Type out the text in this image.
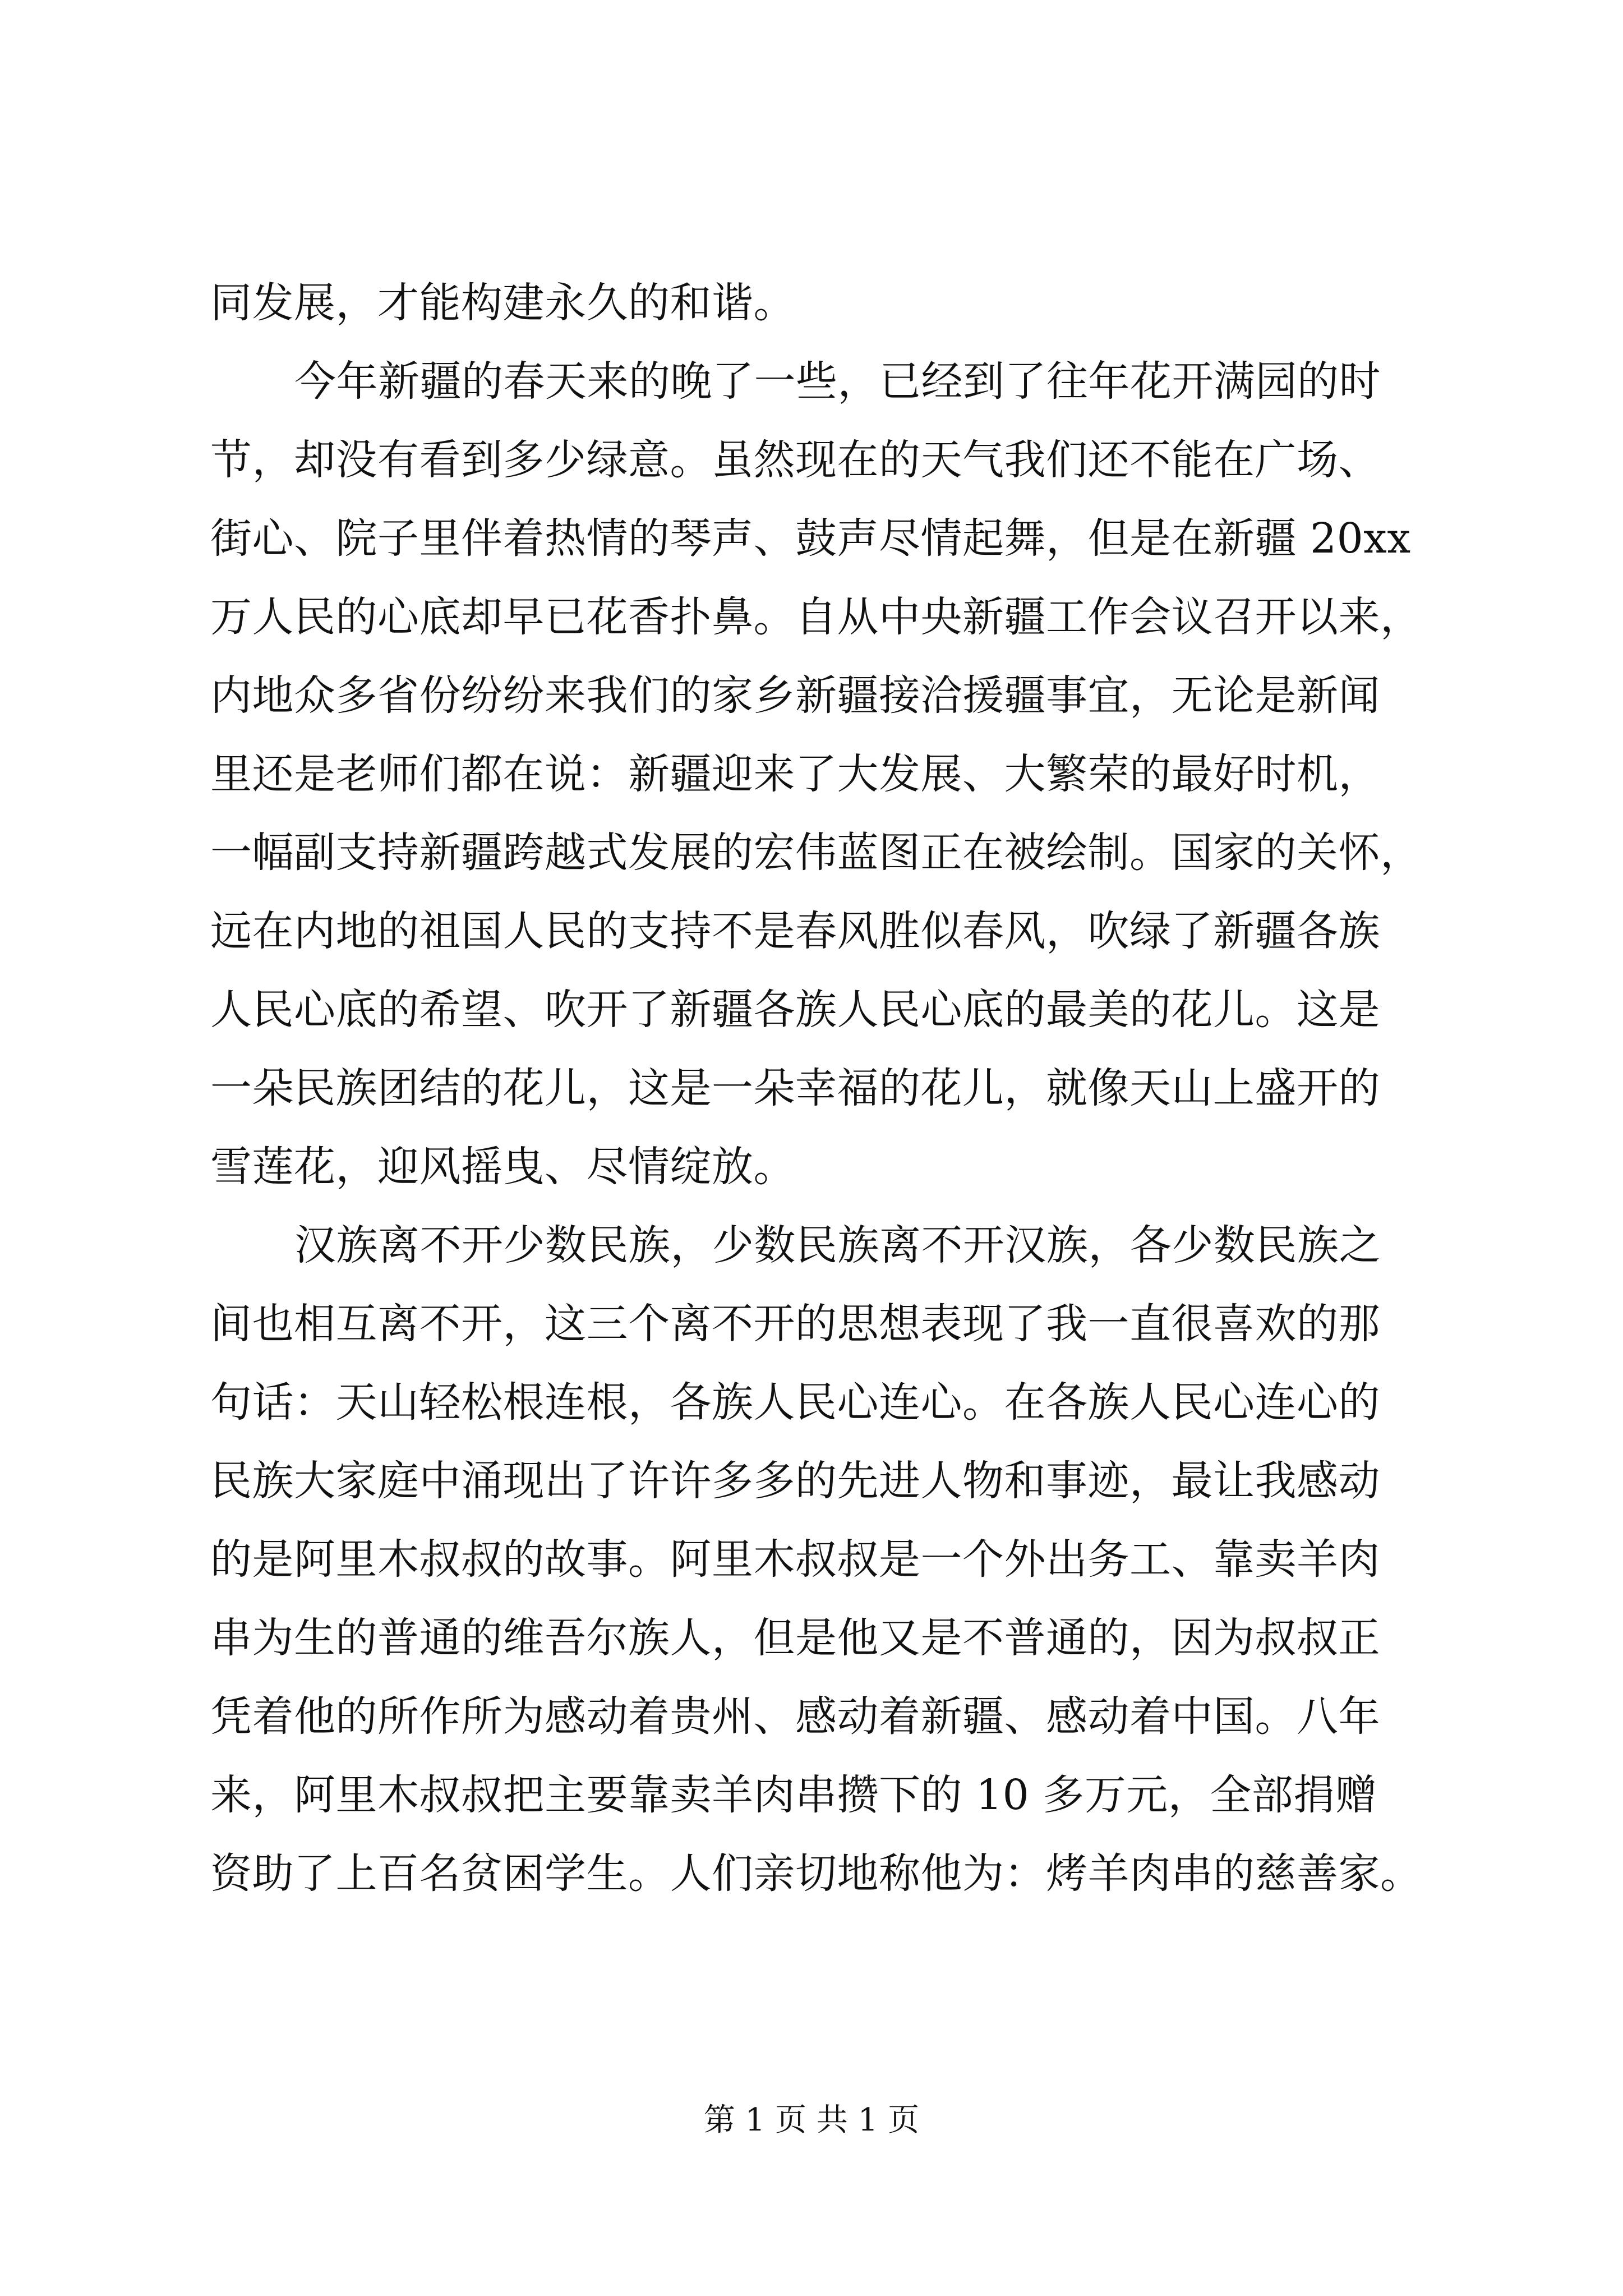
同发展，才能构建永久的和谐。
今年新疆的春天来的晚了一些，已经到了往年花开满园的时
节，却没有看到多少绿意。虽然现在的天气我们还不能在广场、
街心、院子里伴着热情的琴声、鼓声尽情起舞，但是在新疆 20xx
万人民的心底却早已花香扑鼻。自从中央新疆工作会议召开以来，
内地众多省份纷纷来我们的家乡新疆接洽援疆事宜，无论是新闻
里还是老师们都在说：新疆迎来了大发展、大繁荣的最好时机，
一幅副支持新疆跨越式发展的宏伟蓝图正在被绘制。国家的关怀，
远在内地的祖国人民的支持不是春风胜似春风，吹绿了新疆各族
人民心底的希望、吹开了新疆各族人民心底的最美的花儿。这是
一朵民族团结的花儿，这是一朵幸福的花儿，就像天山上盛开的
雪莲花，迎风摇曳、尽情绽放。
汉族离不开少数民族，少数民族离不开汉族，各少数民族之
间也相互离不开，这三个离不开的思想表现了我一直很喜欢的那
句话：天山轻松根连根，各族人民心连心。在各族人民心连心的
民族大家庭中涌现出了许许多多的先进人物和事迹，最让我感动
的是阿里木叔叔的故事。阿里木叔叔是一个外出务工、靠卖羊肉
串为生的普通的维吾尔族人，但是他又是不普通的，因为叔叔正
凭着他的所作所为感动着贵州、感动着新疆、感动着中国。八年
来，阿里木叔叔把主要靠卖羊肉串攒下的 10 多万元，全部捐赠
资助了上百名贫困学生。人们亲切地称他为：烤羊肉串的慈善家。
第 1 页 共 1 页
